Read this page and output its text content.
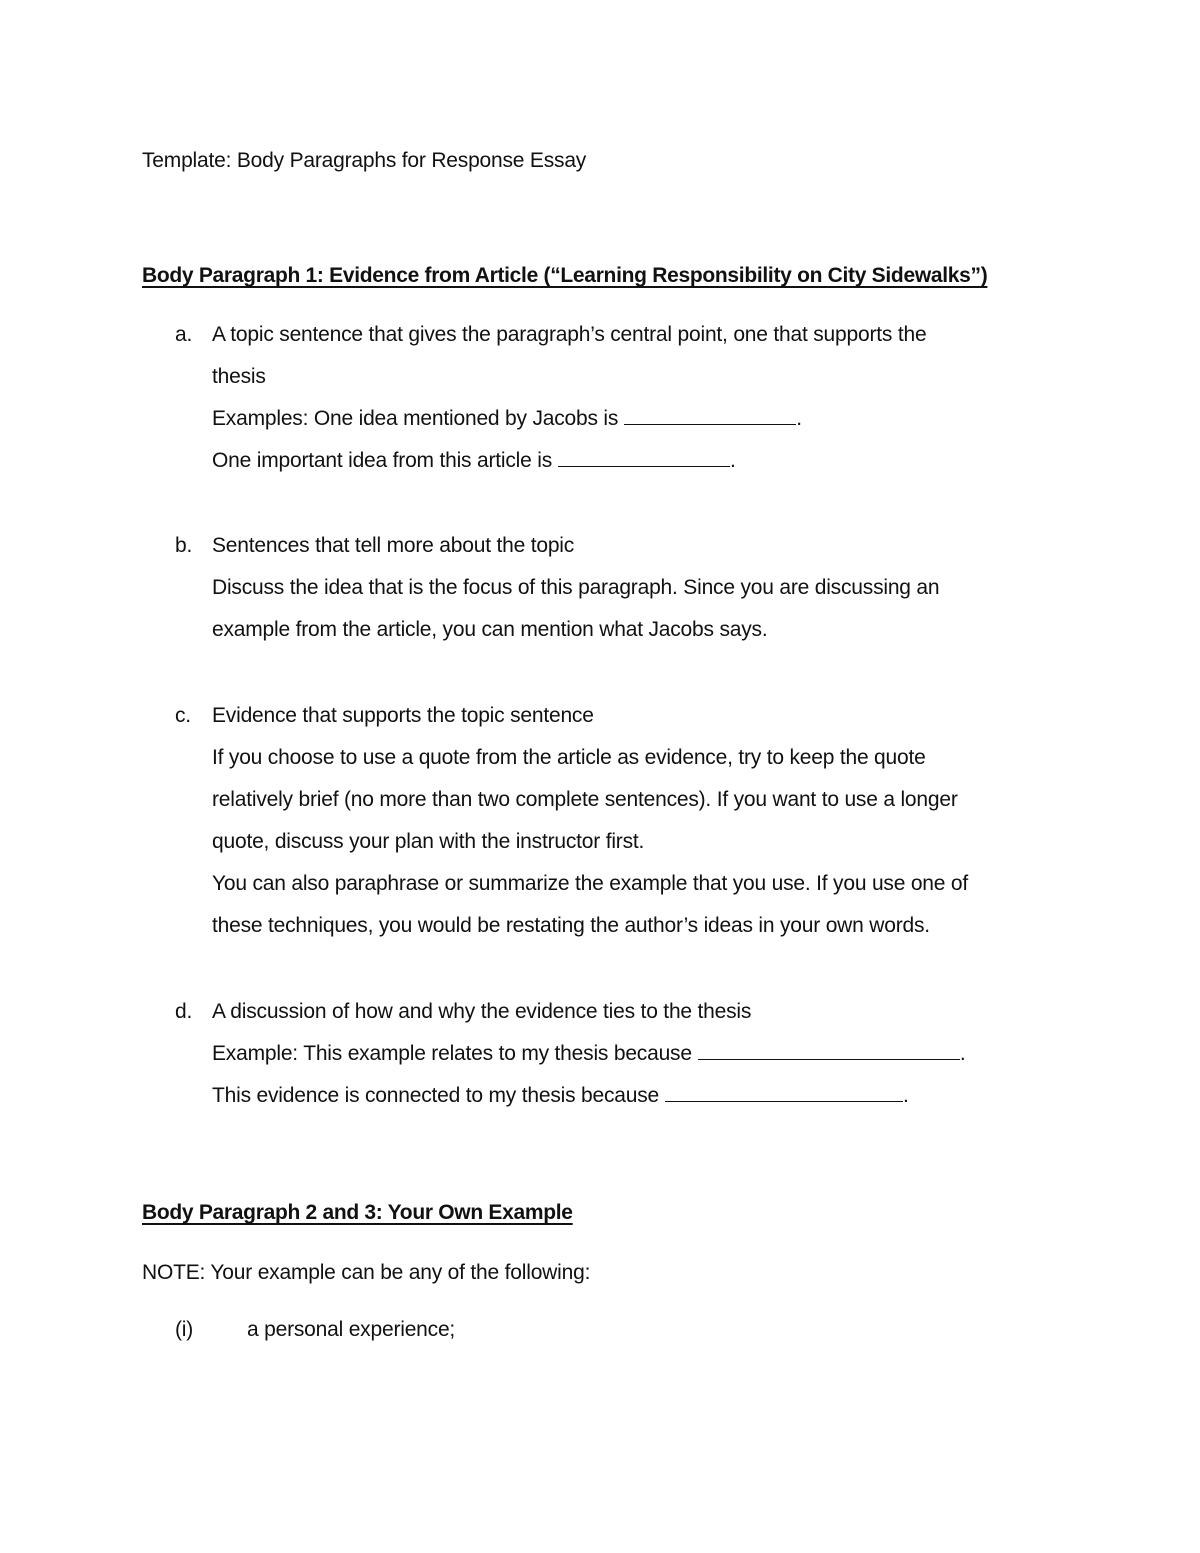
Template: Body Paragraphs for Response Essay
Body Paragraph 1: Evidence from Article (“Learning Responsibility on City Sidewalks”)
a. A topic sentence that gives the paragraph’s central point, one that supports the

thesis

Examples: One idea mentioned by Jacobs is	.

One important idea from this article is	.

b. Sentences that tell more about the topic

Discuss the idea that is the focus of this paragraph. Since you are discussing an

example from the article, you can mention what Jacobs says.

c.	Evidence that supports the topic sentence

If you choose to use a quote from the article as evidence, try to keep the quote

relatively brief (no more than two complete sentences). If you want to use a longer

quote, discuss your plan with the instructor first.

You can also paraphrase or summarize the example that you use. If you use one of

these techniques, you would be restating the author’s ideas in your own words.

d. A discussion of how and why the evidence ties to the thesis

Example: This example relates to my thesis because	.

This evidence is connected to my thesis because	.

Body Paragraph 2 and 3: Your Own Example
NOTE: Your example can be any of the following:
(i)	a personal experience;
